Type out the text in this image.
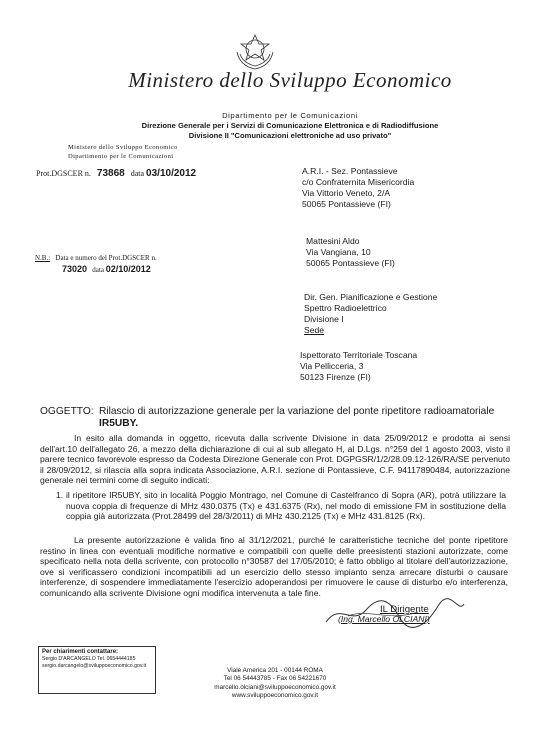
Ministero dello Sviluppo Economico
Dipartimento per le Comunicazioni
Direzione Generale per i Servizi di Comunicazione Elettronica e di Radiodiffusione
Divisione II "Comunicazioni elettroniche ad uso privato"
Ministero dello Sviluppo Economico
Dipartimento per le Comunicazioni
Prot.DGSCER n. 73868 data 03/10/2012	A.R.I. - Sez. Pontassieve
c/o Confraternita Misericordia
Via Vittorio Veneto, 2/A
50065 Pontassieve (FI)
Mattesini Aldo
Via Vangiana, 10
50065 Pontassieve (FI)
Dir. Gen. Pianificazione e Gestione
Spettro Radioelettrico
Divisione I
Sede
Ispettorato Territoriale Toscana
Via Pellicceria, 3
50123 Firenze (FI)
N.B.: Data e numero del Prot.DGSCER n.
73020 data 02/10/2012
OGGETTO: Rilascio di autorizzazione generale per la variazione del ponte ripetitore radioamatoriale
IR5UBY.
In esito alla domanda in oggetto, ricevuta dalla scrivente Divisione in data 25/09/2012 e prodotta ai sensi dell'art.10 dell'allegato 26, a mezzo della dichiarazione di cui al sub allegato H, al D.Lgs. n°259 del 1 agosto 2003, visto il parere tecnico favorevole espresso da Codesta Direzione Generale con Prot. DGPGSR/1/2/28.09.12-126/RA/SE pervenuto il 28/09/2012, si rilascia alla sopra indicata Associazione, A.R.I. sezione di Pontassieve, C.F. 94117890484, autorizzazione generale nei termini come di seguito indicati:
1. il ripetitore IR5UBY, sito in località Poggio Montrago, nel Comune di Castelfranco di Sopra (AR), potrà utilizzare la nuova coppia di frequenze di MHz 430.0375 (Tx) e 431.6375 (Rx), nel modo di emissione FM in sostituzione della coppia già autorizzata (Prot.28499 del 28/3/2011) di MHz 430.2125 (Tx) e MHz 431.8125 (Rx).
La presente autorizzazione è valida fino al 31/12/2021, purché le caratteristiche tecniche del ponte ripetitore restino in linea con eventuali modifiche normative e compatibili con quelle delle preesistenti stazioni autorizzate, come specificato nella nota della scrivente, con protocollo n°30587 del 17/05/2010; è fatto obbligo al titolare dell'autorizzazione, ove si verificassero condizioni incompatibili ad un esercizio dello stesso impianto senza arrecare disturbi o causare interferenze, di sospendere immediatamente l'esercizio adoperandosi per rimuovere le cause di disturbo e/o interferenza, comunicando alla scrivente Divisione ogni modifica intervenuta a tale fine.
IL Dirigente
(Ing. Marcello OLCIANI)
Per chiarimenti contattare:
Sergio D'ARCANGELO Tel. 0654444185
sergio.darcangelo@sviluppoeconomico.gov.it
Viale America 201 - 00144 ROMA
Tel 06 54443785 - Fax 06 54221670
marcello.olciani@sviluppoeconomico.gov.it
www.sviluppoeconomico.gov.it
